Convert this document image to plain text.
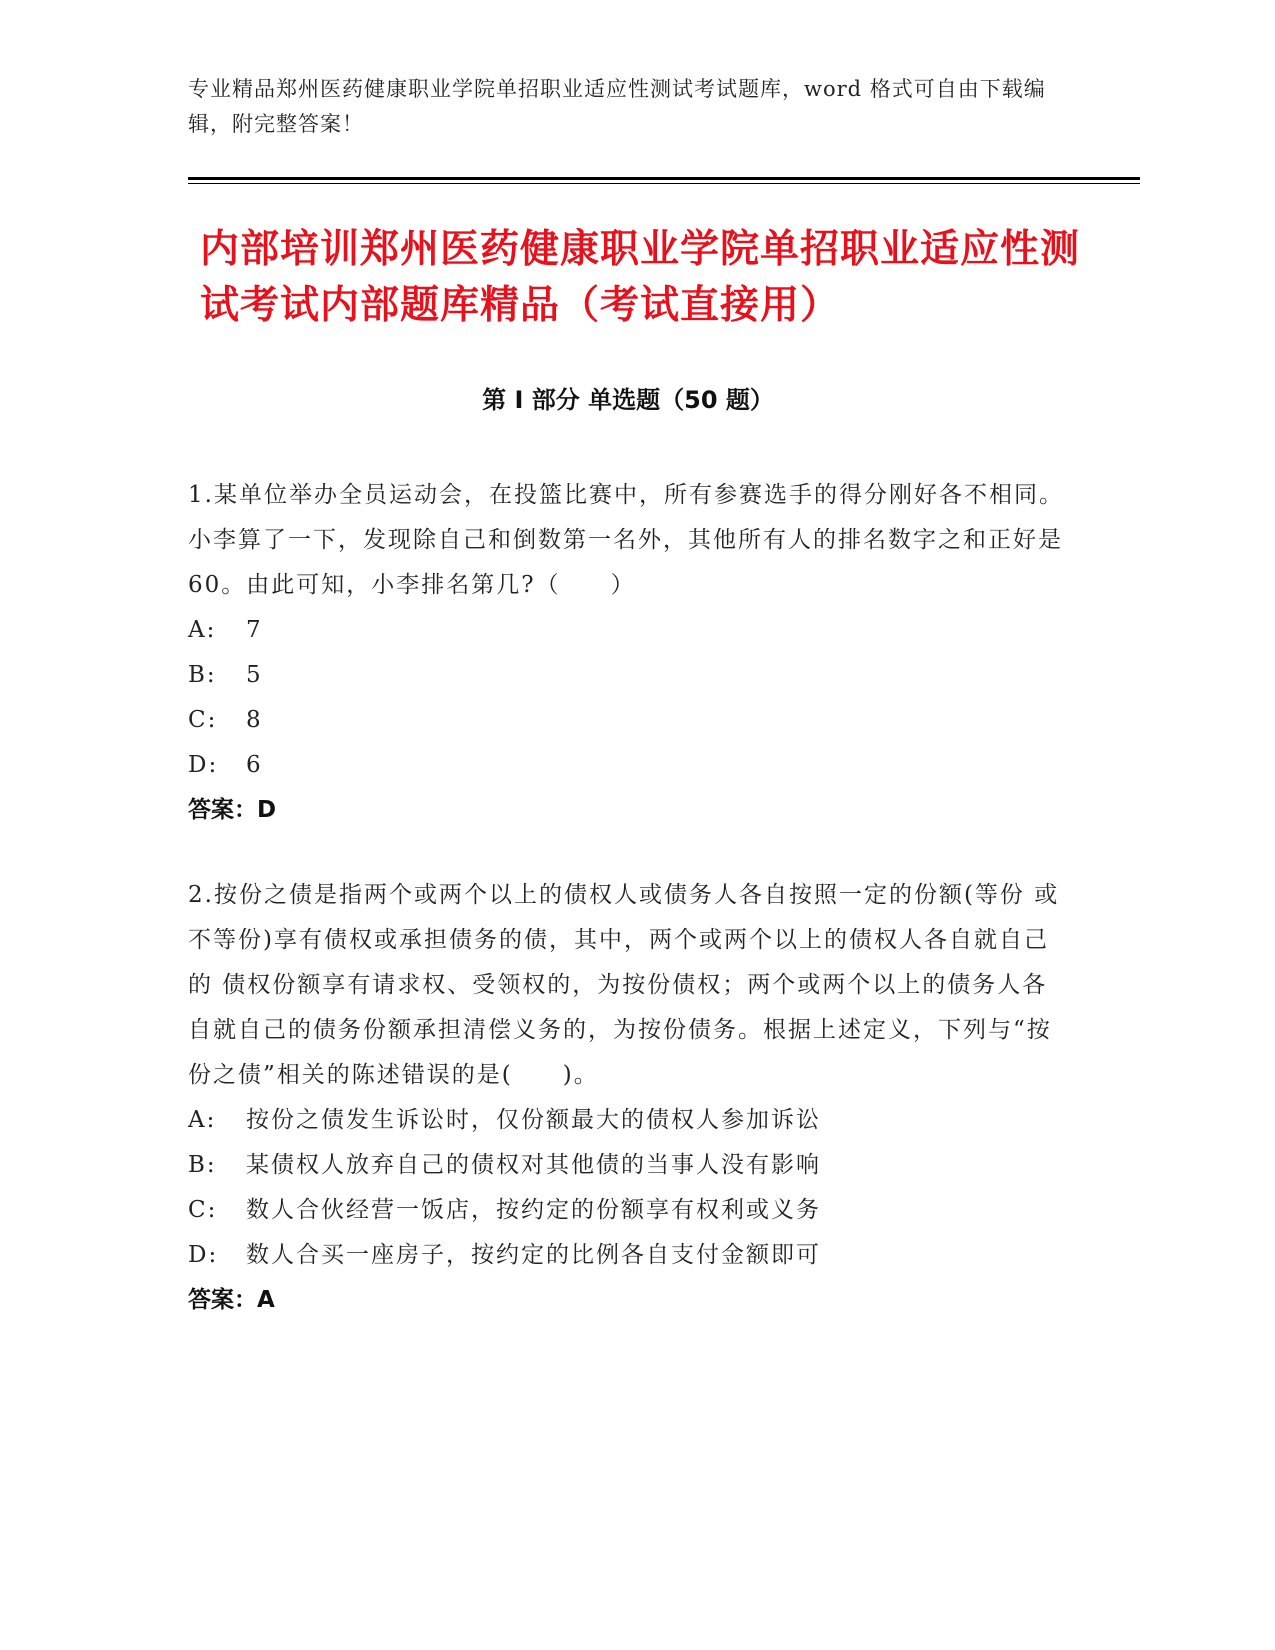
专业精品郑州医药健康职业学院单招职业适应性测试考试题库，word 格式可自由下载编辑，附完整答案！
内部培训郑州医药健康职业学院单招职业适应性测试考试内部题库精品（考试直接用）
第 I 部分 单选题（50 题）

1.某单位举办全员运动会，在投篮比赛中，所有参赛选手的得分刚好各不相同。 小李算了一下，发现除自己和倒数第一名外，其他所有人的排名数字之和正好是60。由此可知，小李排名第几?（　　）

A:	7
B:	5
C:	8
D:	6
答案：D

2.按份之债是指两个或两个以上的债权人或债务人各自按照一定的份额(等份 或不等份)享有债权或承担债务的债，其中，两个或两个以上的债权人各自就自己的 债权份额享有请求权、受领权的，为按份债权；两个或两个以上的债务人各自就自己的债务份额承担清偿义务的，为按份债务。根据上述定义，下列与“按份之债”相关的陈述错误的是(　　)。

A:	按份之债发生诉讼时，仅份额最大的债权人参加诉讼
B:	某债权人放弃自己的债权对其他债的当事人没有影响
C:	数人合伙经营一饭店，按约定的份额享有权利或义务
D:	数人合买一座房子，按约定的比例各自支付金额即可
答案：A
